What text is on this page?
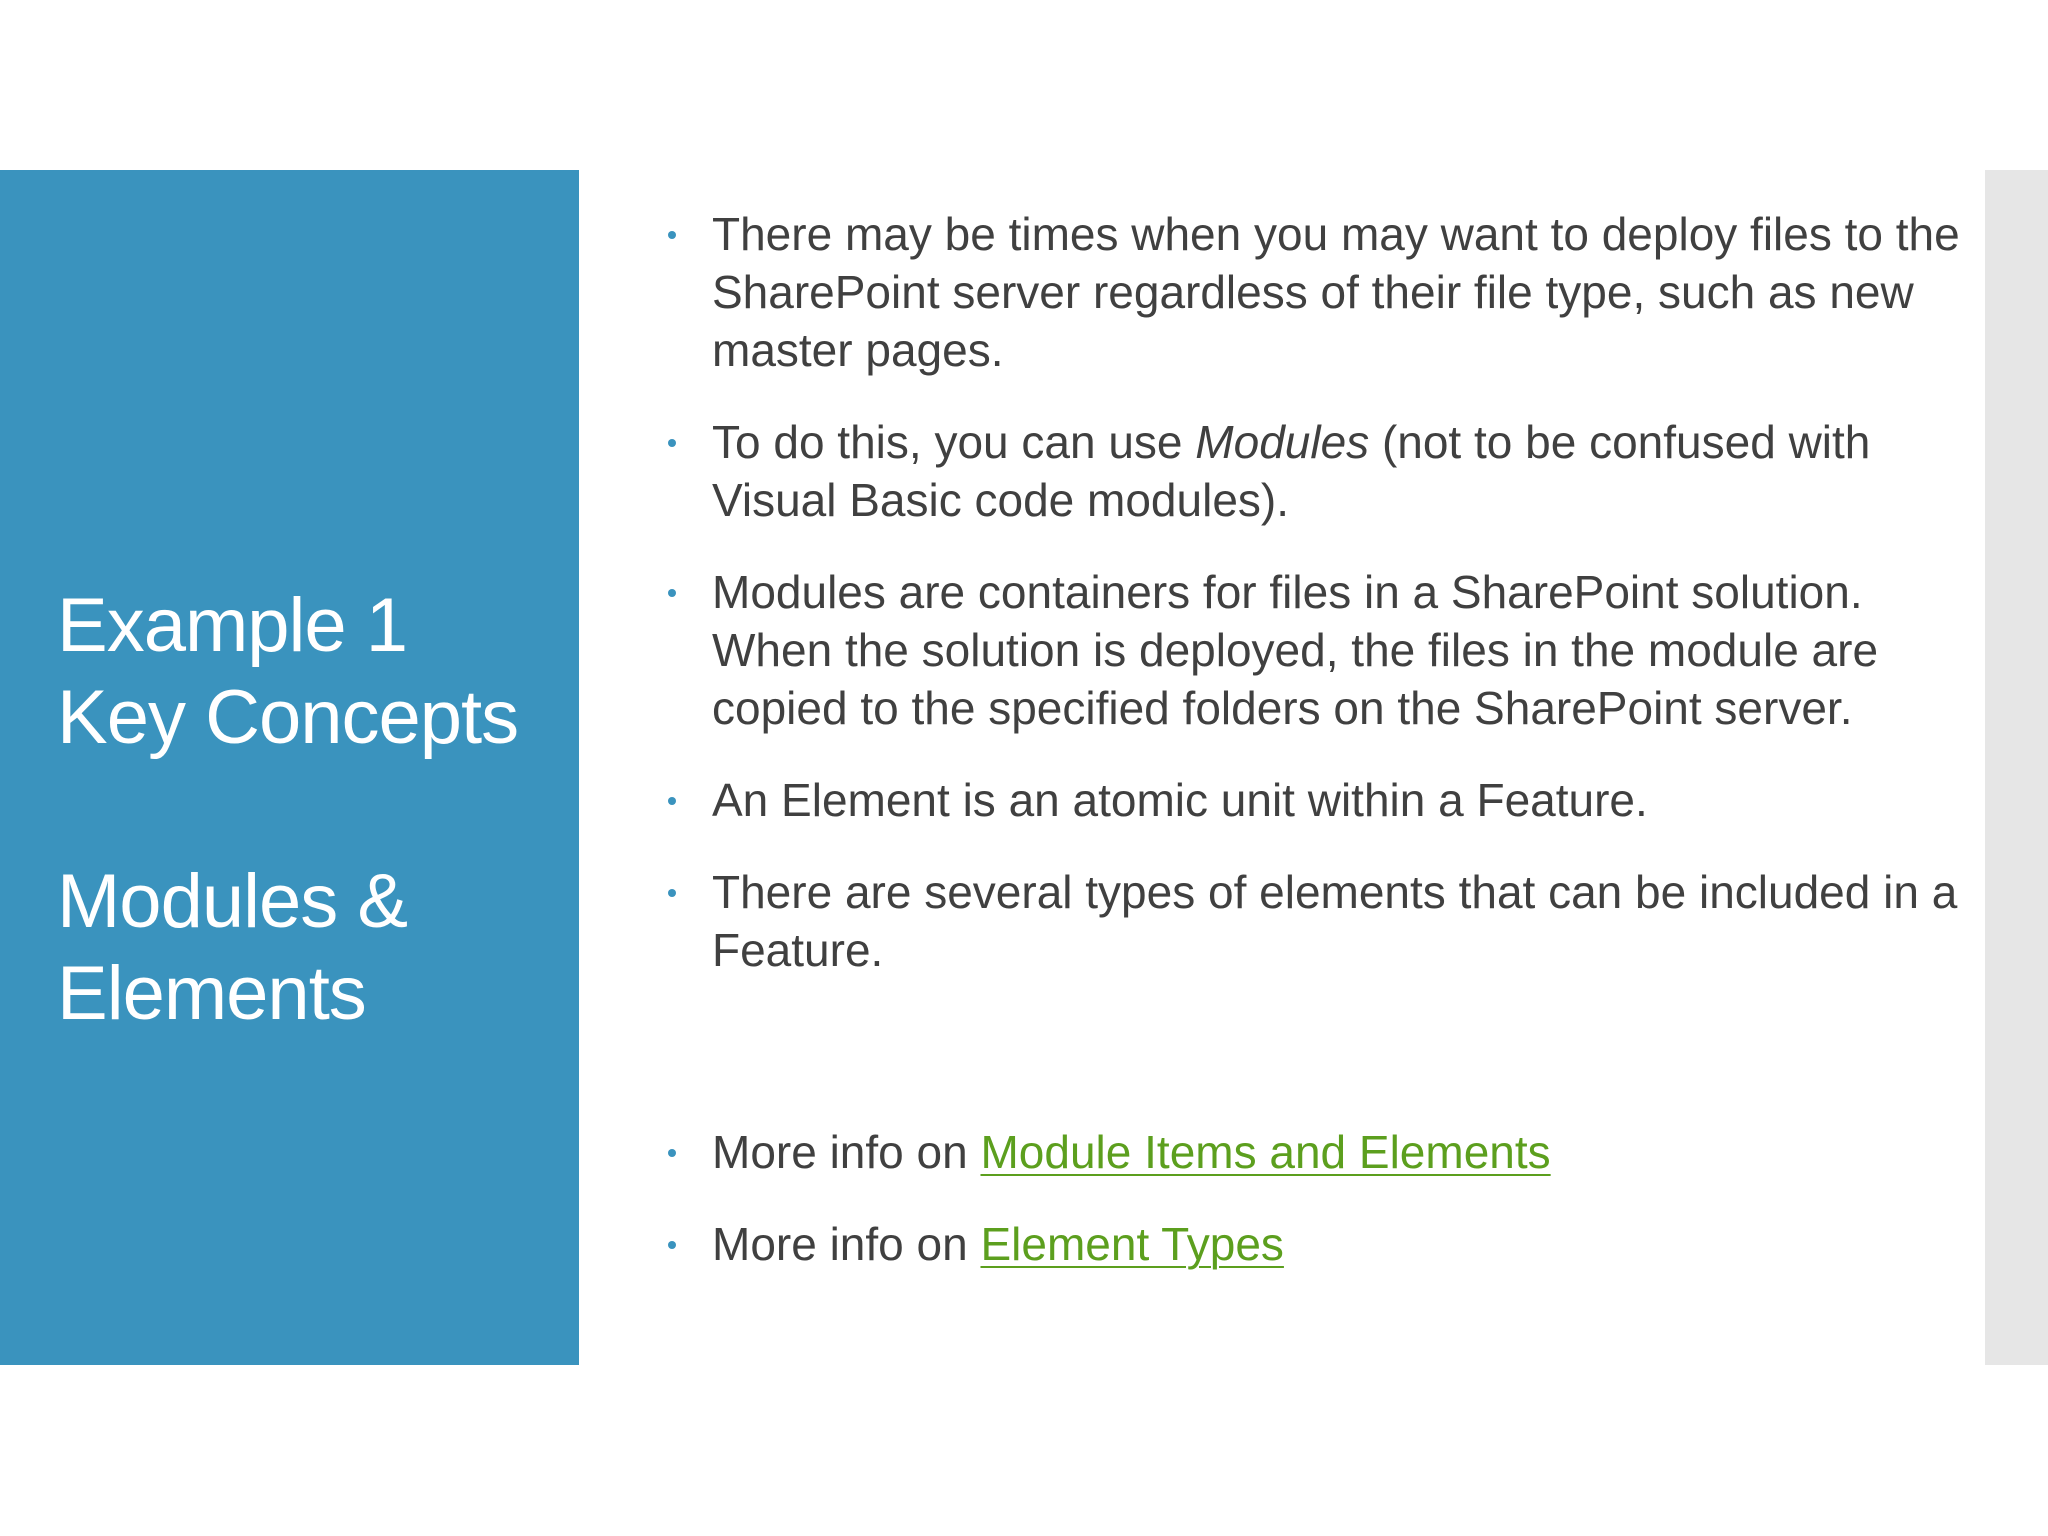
Example 1
Key Concepts
Modules &
Elements
There may be times when you may want to deploy files to the SharePoint server regardless of their file type, such as new master pages.
To do this, you can use Modules (not to be confused with Visual Basic code modules).
Modules are containers for files in a SharePoint solution. When the solution is deployed, the files in the module are copied to the specified folders on the SharePoint server.
An Element is an atomic unit within a Feature.
There are several types of elements that can be included in a Feature.
More info on Module Items and Elements
More info on Element Types
